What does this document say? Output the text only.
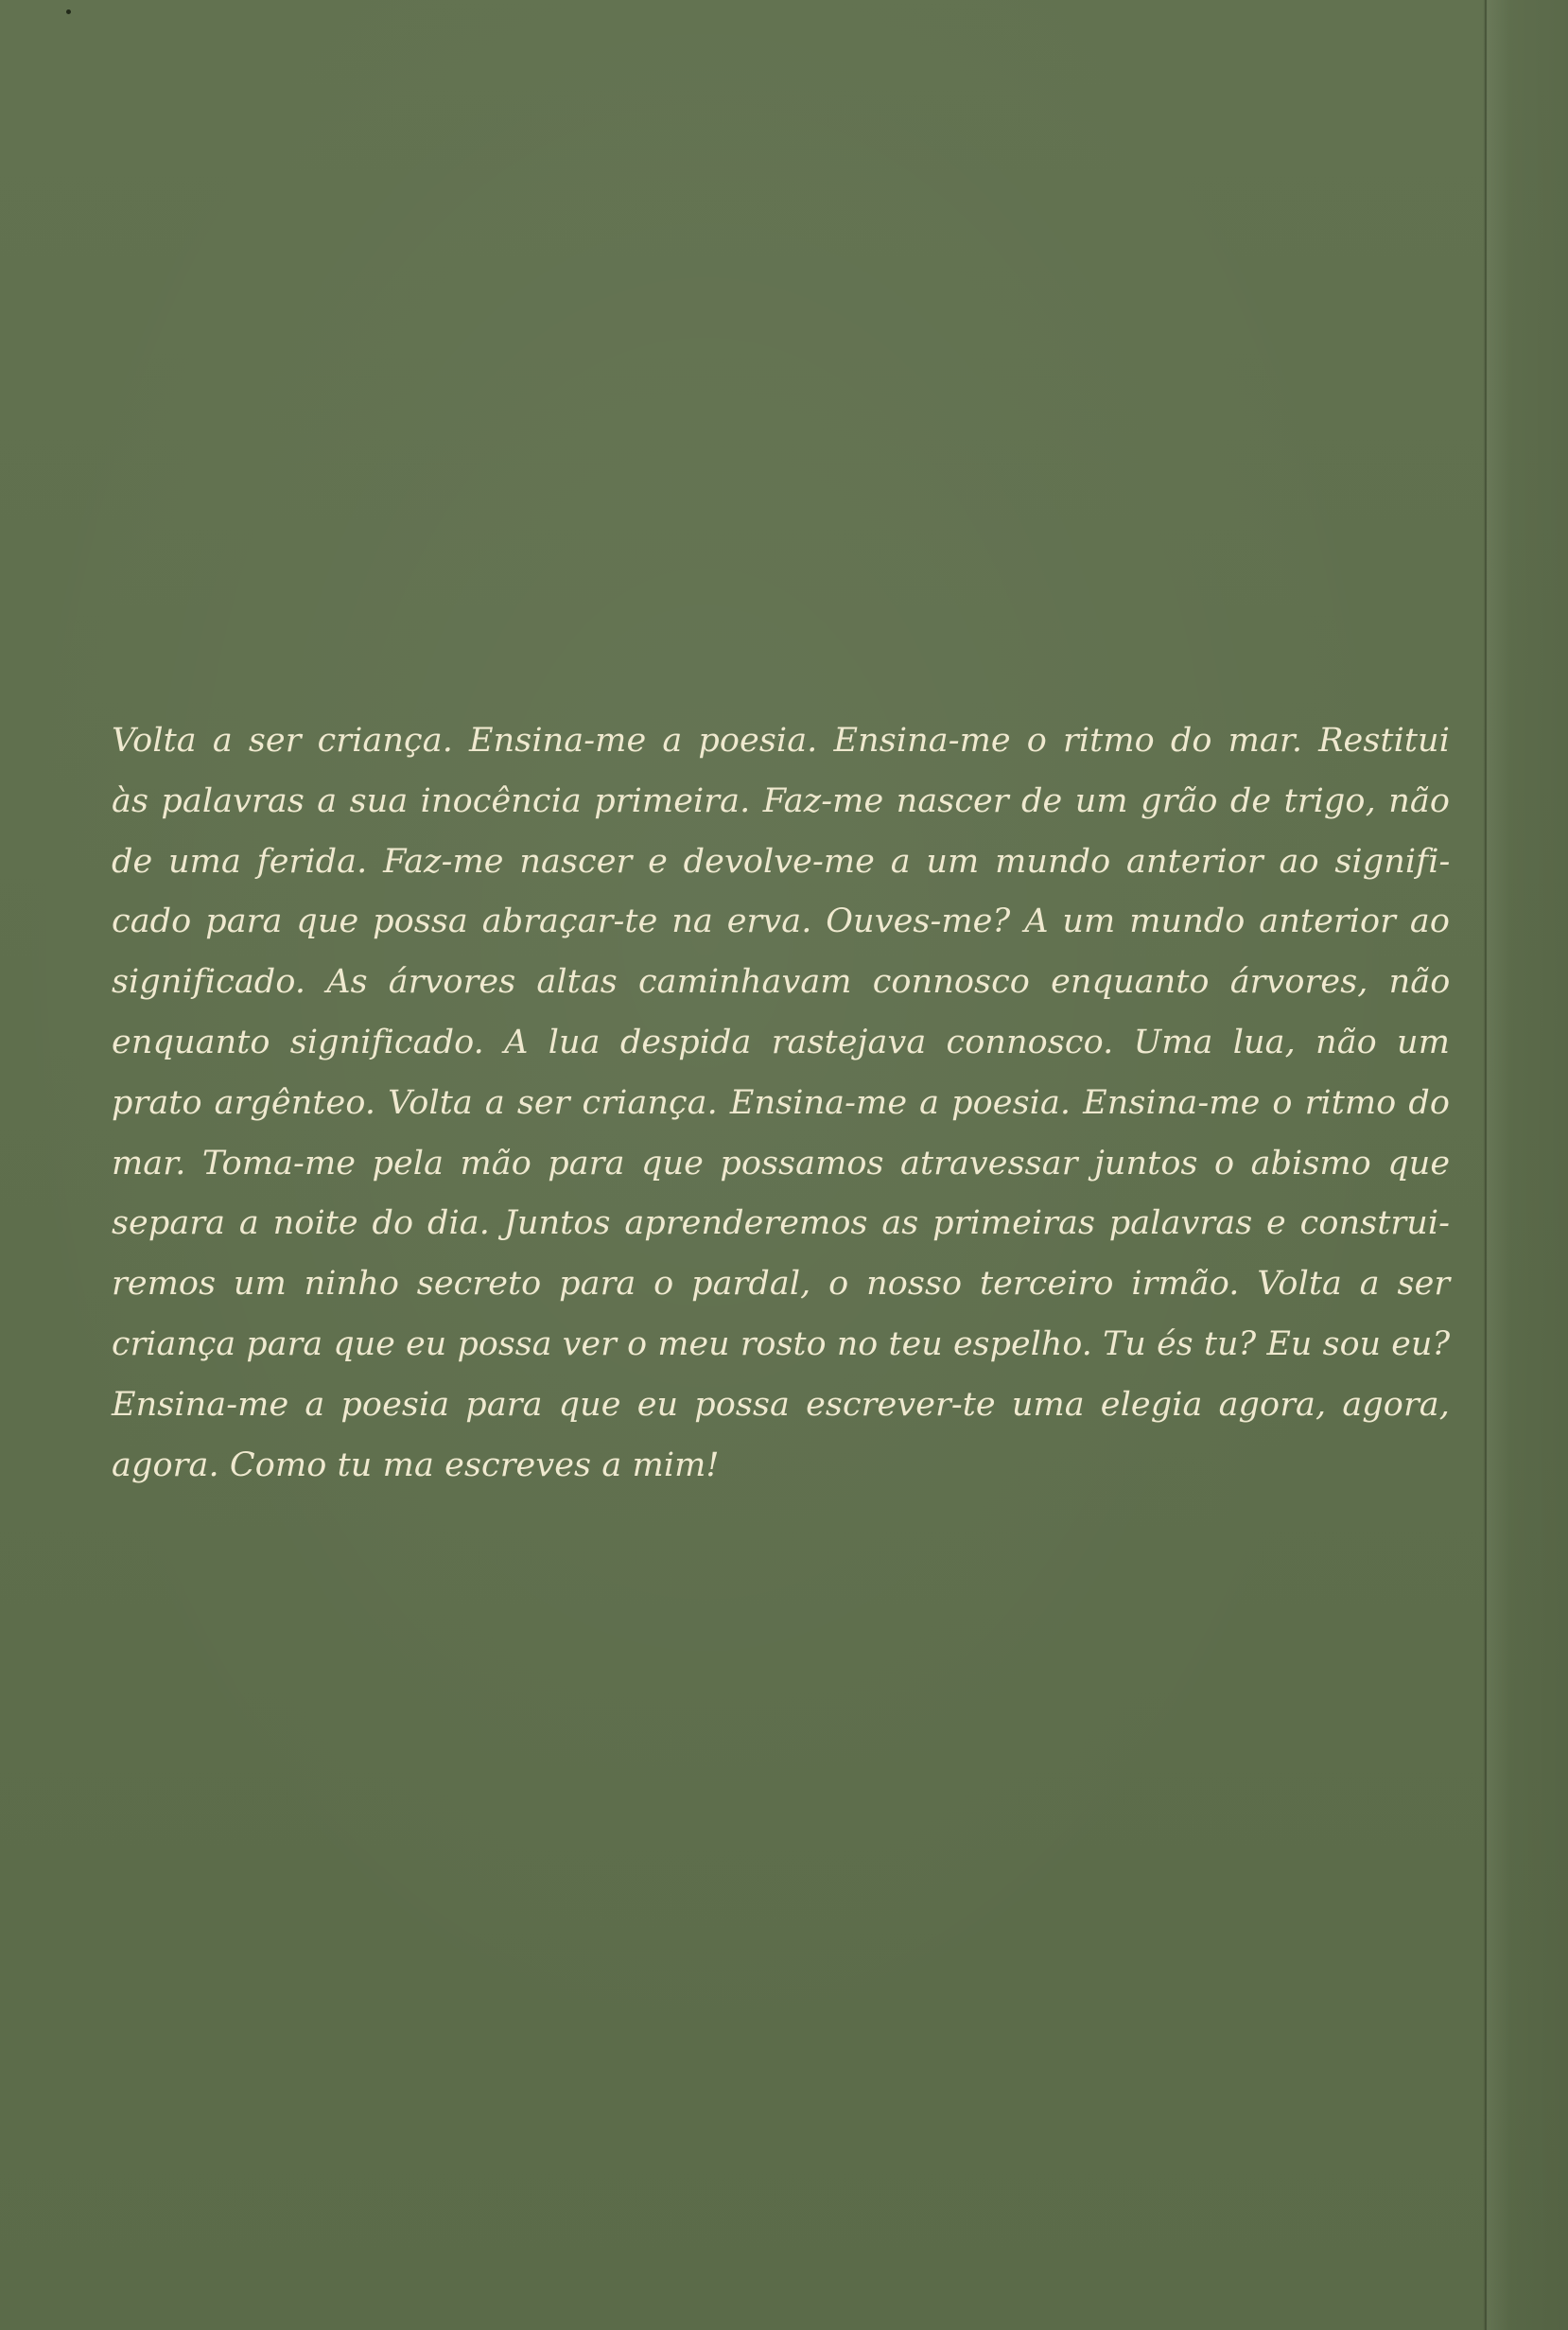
Volta a ser criança. Ensina-me a poesia. Ensina-me o ritmo do mar. Restitui
às palavras a sua inocência primeira. Faz-me nascer de um grão de trigo, não
de uma ferida. Faz-me nascer e devolve-me a um mundo anterior ao signifi-
cado para que possa abraçar-te na erva. Ouves-me? A um mundo anterior ao
significado. As árvores altas caminhavam connosco enquanto árvores, não
enquanto significado. A lua despida rastejava connosco. Uma lua, não um
prato argênteo. Volta a ser criança. Ensina-me a poesia. Ensina-me o ritmo do
mar. Toma-me pela mão para que possamos atravessar juntos o abismo que
separa a noite do dia. Juntos aprenderemos as primeiras palavras e construi-
remos um ninho secreto para o pardal, o nosso terceiro irmão. Volta a ser
criança para que eu possa ver o meu rosto no teu espelho. Tu és tu? Eu sou eu?
Ensina-me a poesia para que eu possa escrever-te uma elegia agora, agora,
agora. Como tu ma escreves a mim!
